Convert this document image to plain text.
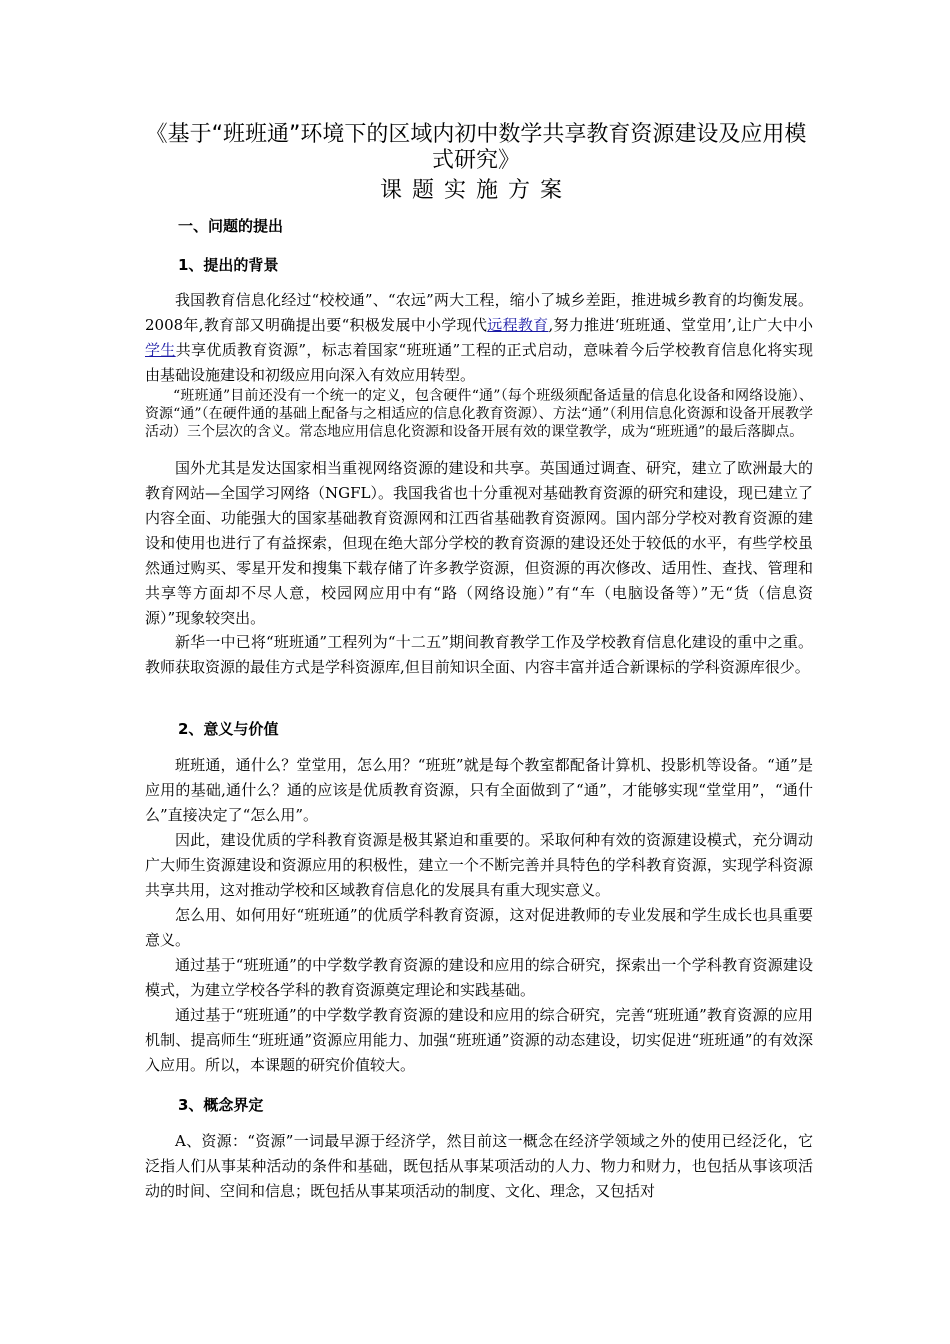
《基于“班班通”环境下的区域内初中数学共享教育资源建设及应用模式研究》
课题实施方案
一、问题的提出
1、提出的背景

我国教育信息化经过“校校通”、“农远”两大工程，缩小了城乡差距，推进城乡教育的均衡发展。2008年,教育部又明确提出要“积极发展中小学现代远程教育,努力推进‘班班通、堂堂用’,让广大中小学生共享优质教育资源”，标志着国家“班班通”工程的正式启动，意味着今后学校教育信息化将实现由基础设施建设和初级应用向深入有效应用转型。

“班班通”目前还没有一个统一的定义，包含硬件“通”（每个班级须配备适量的信息化设备和网络设施）、资源“通”（在硬件通的基础上配备与之相适应的信息化教育资源）、方法“通”（利用信息化资源和设备开展教学活动）三个层次的含义。常态地应用信息化资源和设备开展有效的课堂教学，成为“班班通”的最后落脚点。

国外尤其是发达国家相当重视网络资源的建设和共享。英国通过调查、研究，建立了欧洲最大的教育网站—全国学习网络（NGFL）。我国我省也十分重视对基础教育资源的研究和建设，现已建立了内容全面、功能强大的国家基础教育资源网和江西省基础教育资源网。国内部分学校对教育资源的建设和使用也进行了有益探索，但现在绝大部分学校的教育资源的建设还处于较低的水平，有些学校虽然通过购买、零星开发和搜集下载存储了许多教学资源，但资源的再次修改、适用性、查找、管理和共享等方面却不尽人意，校园网应用中有“路（网络设施）”有“车（电脑设备等）”无“货（信息资源）”现象较突出。

新华一中已将“班班通”工程列为“十二五”期间教育教学工作及学校教育信息化建设的重中之重。教师获取资源的最佳方式是学科资源库,但目前知识全面、内容丰富并适合新课标的学科资源库很少。

2、意义与价值

班班通，通什么？堂堂用，怎么用？“班班”就是每个教室都配备计算机、投影机等设备。“通”是应用的基础,通什么？通的应该是优质教育资源，只有全面做到了“通”，才能够实现“堂堂用”，“通什么”直接决定了“怎么用”。

因此，建设优质的学科教育资源是极其紧迫和重要的。采取何种有效的资源建设模式，充分调动广大师生资源建设和资源应用的积极性，建立一个不断完善并具特色的学科教育资源，实现学科资源共享共用，这对推动学校和区域教育信息化的发展具有重大现实意义。

怎么用、如何用好“班班通”的优质学科教育资源，这对促进教师的专业发展和学生成长也具重要意义。

通过基于“班班通”的中学数学教育资源的建设和应用的综合研究，探索出一个学科教育资源建设模式，为建立学校各学科的教育资源奠定理论和实践基础。

通过基于“班班通”的中学数学教育资源的建设和应用的综合研究，完善“班班通”教育资源的应用机制、提高师生“班班通”资源应用能力、加强“班班通”资源的动态建设，切实促进“班班通”的有效深入应用。所以，本课题的研究价值较大。

3、概念界定

A、资源：“资源”一词最早源于经济学，然目前这一概念在经济学领域之外的使用已经泛化，它泛指人们从事某种活动的条件和基础，既包括从事某项活动的人力、物力和财力，也包括从事该项活动的时间、空间和信息；既包括从事某项活动的制度、文化、理念，又包括对
